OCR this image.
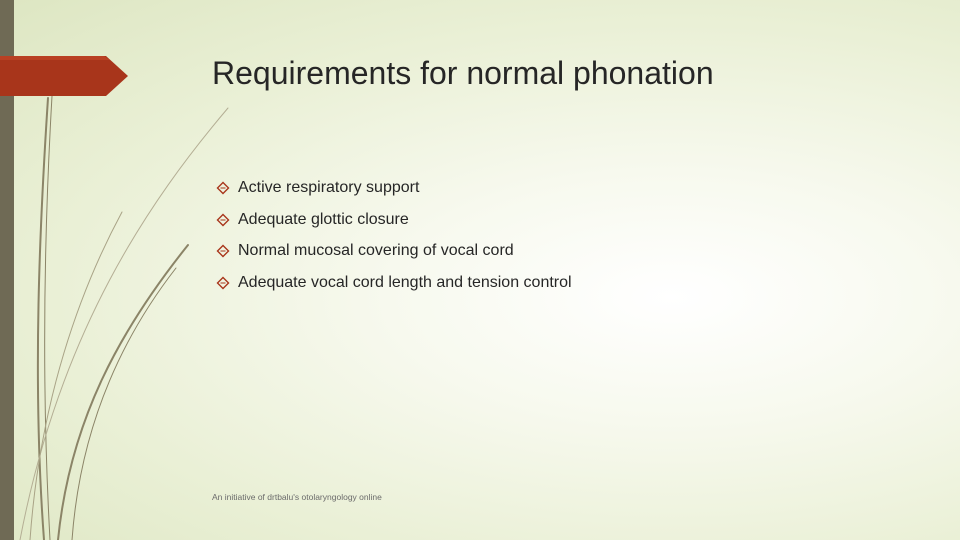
Requirements for normal phonation
Active respiratory support
Adequate glottic closure
Normal mucosal covering of vocal cord
Adequate vocal cord length and tension control
An initiative of drtbalu's otolaryngology online
